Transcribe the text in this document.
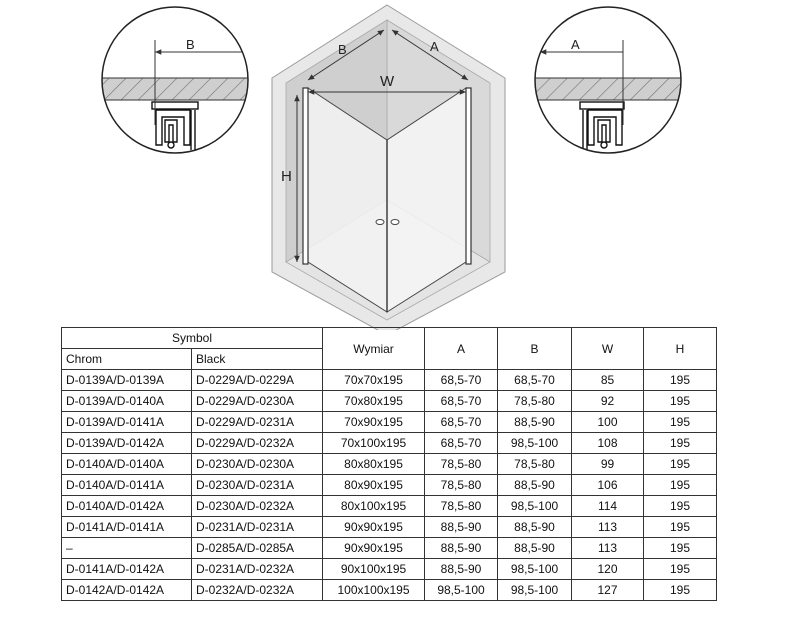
B	A
B	A
W
H
Symbol		Wymiar	A	B	W	H
Chrom	Black					
D-0139A/D-0139A	D-0229A/D-0229A	70x70x195	68,5-70	68,5-70	85	195
D-0139A/D-0140A	D-0229A/D-0230A	70x80x195	68,5-70	78,5-80	92	195
D-0139A/D-0141A	D-0229A/D-0231A	70x90x195	68,5-70	88,5-90	100	195
D-0139A/D-0142A	D-0229A/D-0232A	70x100x195	68,5-70	98,5-100	108	195
D-0140A/D-0140A	D-0230A/D-0230A	80x80x195	78,5-80	78,5-80	99	195
D-0140A/D-0141A	D-0230A/D-0231A	80x90x195	78,5-80	88,5-90	106	195
D-0140A/D-0142A	D-0230A/D-0232A	80x100x195	78,5-80	98,5-100	114	195
D-0141A/D-0141A	D-0231A/D-0231A	90x90x195	88,5-90	88,5-90	113	195
–	D-0285A/D-0285A	90x90x195	88,5-90	88,5-90	113	195
D-0141A/D-0142A	D-0231A/D-0232A	90x100x195	88,5-90	98,5-100	120	195
D-0142A/D-0142A	D-0232A/D-0232A	100x100x195	98,5-100	98,5-100	127	195
